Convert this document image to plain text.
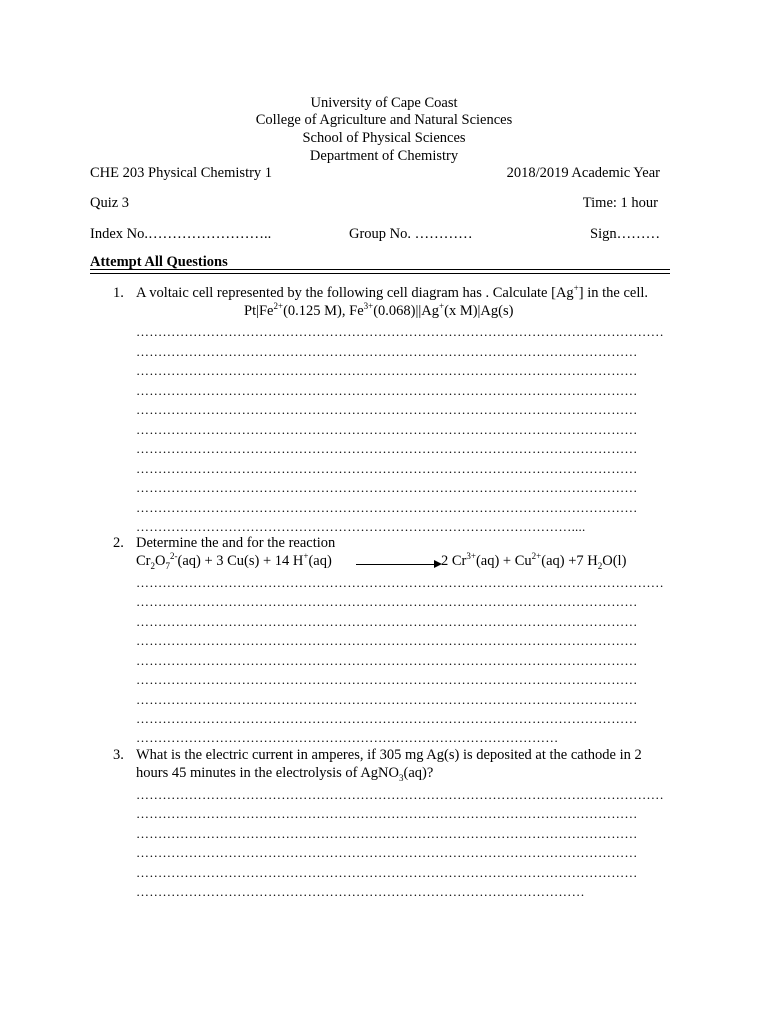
University of Cape Coast
College of Agriculture and Natural Sciences
School of Physical Sciences
Department of Chemistry
CHE 203 Physical Chemistry 1	2018/2019 Academic Year
Quiz 3	Time: 1 hour
Index No.……………………..	Group No. …………	Sign………
Attempt All Questions
1. A voltaic cell represented by the following cell diagram has . Calculate [Ag+] in the cell.
$Pt|Fe^{2+}(0.125$ M), $Fe^{3+}(0.068)||Ag^+(x$ M)|Ag(s)
…………………………………………………………………………………………………………
……………………………………………………………………………………………………
……………………………………………………………………………………………………
……………………………………………………………………………………………………
……………………………………………………………………………………………………
……………………………………………………………………………………………………
……………………………………………………………………………………………………
……………………………………………………………………………………………………
……………………………………………………………………………………………………
……………………………………………………………………………………………………
………………………………………………………………………………………....
2. Determine the and for the reaction
$Cr_2O_7^{2-}(aq) + 3$ Cu(s) + 14 H+(aq)	2 $Cr^{3+}(aq) + Cu^{2+}(aq) +7$ $H_2O(l)$
…………………………………………………………………………………………………………
……………………………………………………………………………………………………
……………………………………………………………………………………………………
……………………………………………………………………………………………………
……………………………………………………………………………………………………
……………………………………………………………………………………………………
……………………………………………………………………………………………………
……………………………………………………………………………………………………
……………………………………………………………………………………
3. What is the electric current in amperes, if 305 mg Ag(s) is deposited at the cathode in 2
hours 45 minutes in the electrolysis of AgNO$_3$(aq)?
…………………………………………………………………………………………………………
……………………………………………………………………………………………………
……………………………………………………………………………………………………
……………………………………………………………………………………………………
……………………………………………………………………………………………………
…………………………………………………………………………………………
